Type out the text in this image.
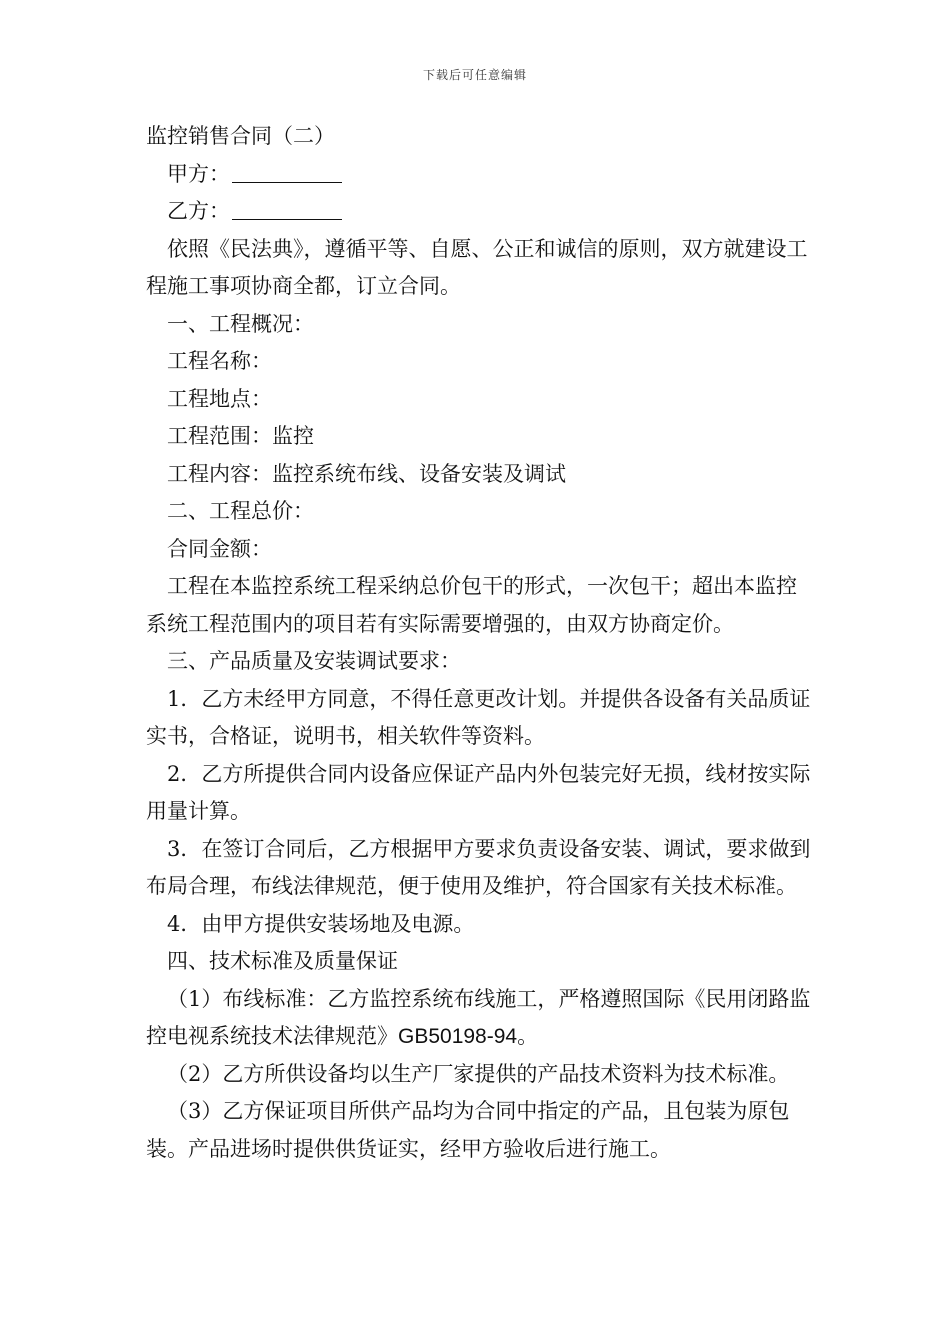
下载后可任意编辑

监控销售合同（二）

甲方：

乙方：

依照《民法典》，遵循平等、自愿、公正和诚信的原则，双方就建设工程施工事项协商全都，订立合同。

一、工程概况：

工程名称：

工程地点：

工程范围：监控

工程内容：监控系统布线、设备安装及调试

二、工程总价：

合同金额：

工程在本监控系统工程采纳总价包干的形式，一次包干；超出本监控系统工程范围内的项目若有实际需要增强的，由双方协商定价。

三、产品质量及安装调试要求：

1．乙方未经甲方同意，不得任意更改计划。并提供各设备有关品质证实书，合格证，说明书，相关软件等资料。

2．乙方所提供合同内设备应保证产品内外包装完好无损，线材按实际用量计算。

3．在签订合同后，乙方根据甲方要求负责设备安装、调试，要求做到布局合理，布线法律规范，便于使用及维护，符合国家有关技术标准。

4．由甲方提供安装场地及电源。

四、技术标准及质量保证

（1）布线标准：乙方监控系统布线施工，严格遵照国际《民用闭路监控电视系统技术法律规范》GB50198-94。

（2）乙方所供设备均以生产厂家提供的产品技术资料为技术标准。

（3）乙方保证项目所供产品均为合同中指定的产品，且包装为原包装。产品进场时提供供货证实，经甲方验收后进行施工。
